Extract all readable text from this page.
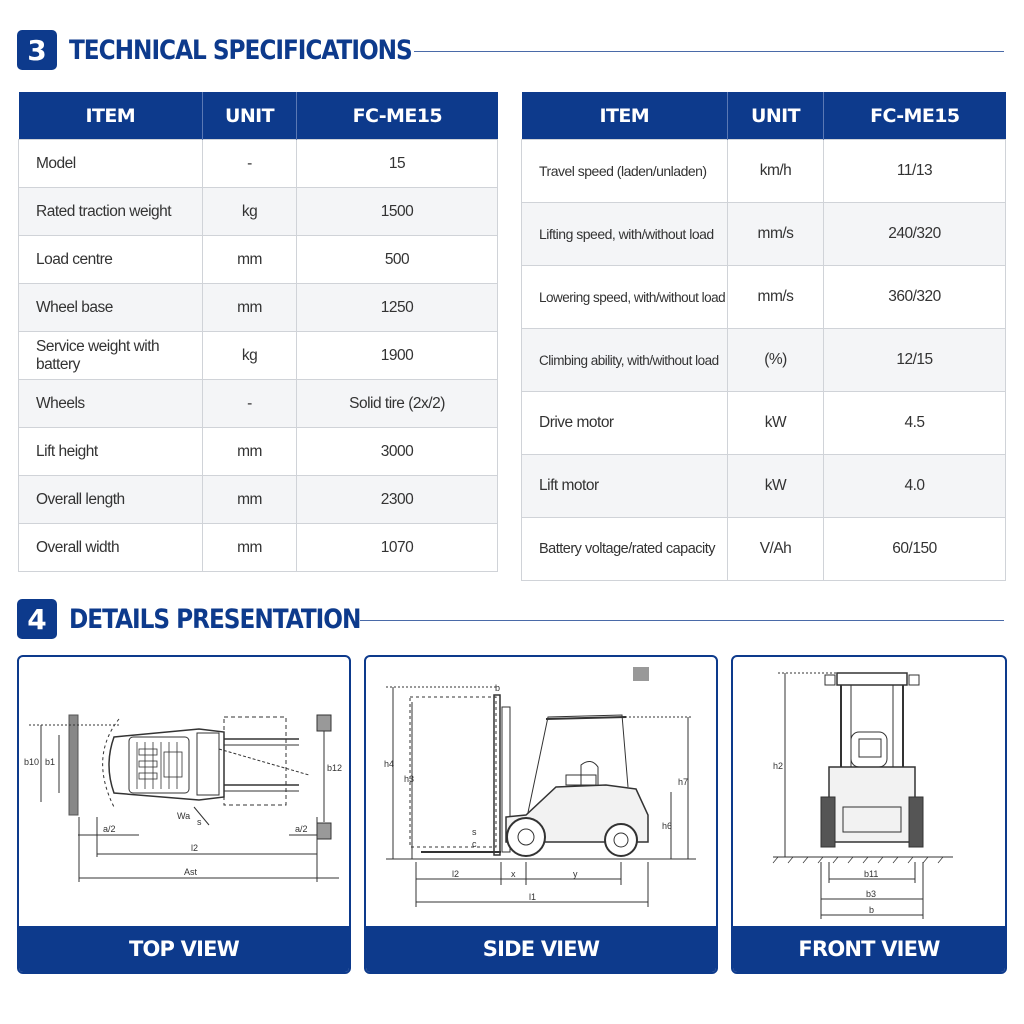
3 TECHNICAL SPECIFICATIONS
ITEM	UNIT	FC-ME15
Model	-	15
Rated traction weight	kg	1500
Load centre	mm	500
Wheel base	mm	1250
Service weight with battery	kg	1900
Wheels	-	Solid tire (2x/2)
Lift height	mm	3000
Overall length	mm	2300
Overall width	mm	1070
ITEM	UNIT	FC-ME15
Travel speed (laden/unladen)	km/h	11/13
Lifting speed, with/without load	mm/s	240/320
Lowering speed, with/without load	mm/s	360/320
Climbing ability, with/without load	(%)	12/15
Drive motor	kW	4.5
Lift motor	kW	4.0
Battery voltage/rated capacity	V/Ah	60/150
4 DETAILS PRESENTATION
b10 b1
b12
Wa
s
a/2	a/2
l2
Ast
TOP VIEW
h4
h3	h7
h6
s
c
b
l2	x	y
l1
SIDE VIEW
h2
b11
b3
b
FRONT VIEW
